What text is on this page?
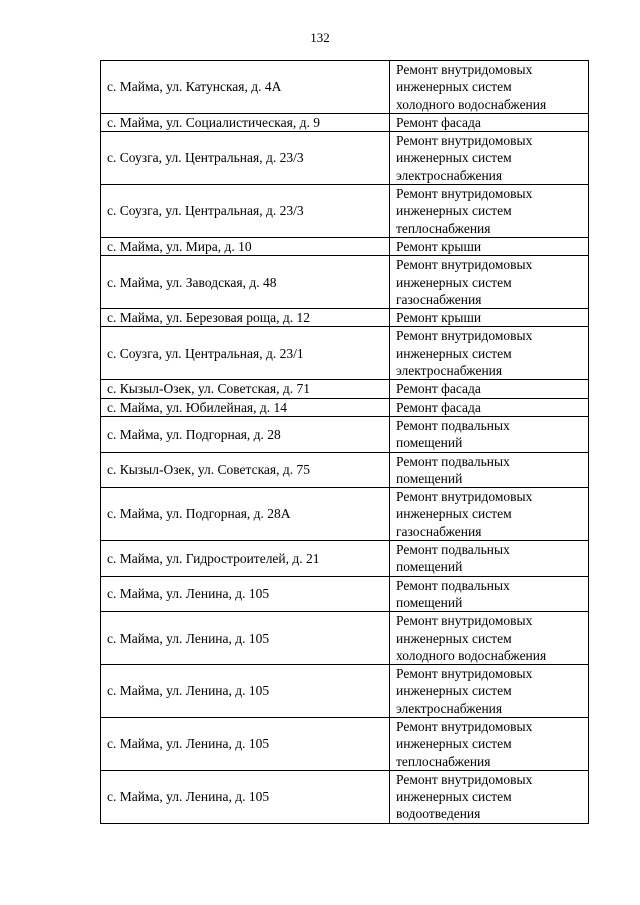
132
с. Майма, ул. Катунская, д. 4А	Ремонт внутридомовых
инженерных систем
холодного водоснабжения

с. Майма, ул. Социалистическая, д. 9	Ремонт фасада

с. Соузга, ул. Центральная, д. 23/3	Ремонт внутридомовых
инженерных систем
электроснабжения

с. Соузга, ул. Центральная, д. 23/3	Ремонт внутридомовых
инженерных систем
теплоснабжения

с. Майма, ул. Мира, д. 10	Ремонт крыши

с. Майма, ул. Заводская, д. 48	Ремонт внутридомовых
инженерных систем
газоснабжения

с. Майма, ул. Березовая роща, д. 12	Ремонт крыши

с. Соузга, ул. Центральная, д. 23/1	Ремонт внутридомовых
инженерных систем
электроснабжения

с. Кызыл-Озек, ул. Советская, д. 71	Ремонт фасада

с. Майма, ул. Юбилейная, д. 14	Ремонт фасада

с. Майма, ул. Подгорная, д. 28	Ремонт подвальных
помещений

с. Кызыл-Озек, ул. Советская, д. 75	Ремонт подвальных
помещений

с. Майма, ул. Подгорная, д. 28А	Ремонт внутридомовых
инженерных систем
газоснабжения

с. Майма, ул. Гидростроителей, д. 21	Ремонт подвальных
помещений

с. Майма, ул. Ленина, д. 105	Ремонт подвальных
помещений

с. Майма, ул. Ленина, д. 105	Ремонт внутридомовых
инженерных систем
холодного водоснабжения

с. Майма, ул. Ленина, д. 105	Ремонт внутридомовых
инженерных систем
электроснабжения

с. Майма, ул. Ленина, д. 105	Ремонт внутридомовых
инженерных систем
теплоснабжения

с. Майма, ул. Ленина, д. 105	Ремонт внутридомовых
инженерных систем
водоотведения
